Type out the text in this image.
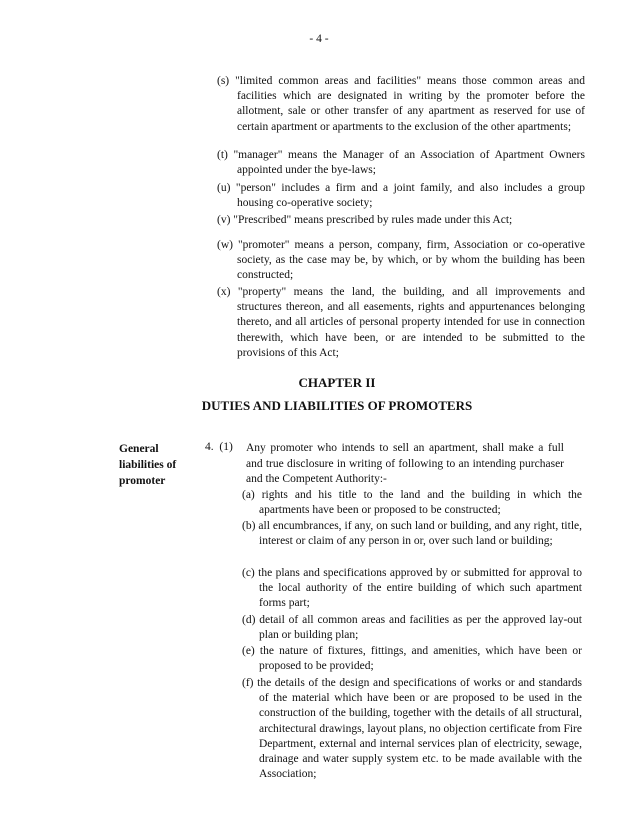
- 4 -

(s) "limited common areas and facilities" means those common areas and facilities which are designated in writing by the promoter before the allotment, sale or other transfer of any apartment as reserved for use of certain apartment or apartments to the exclusion of the other apartments;

(t) "manager" means the Manager of an Association of Apartment Owners appointed under the bye-laws;

(u) "person" includes a firm and a joint family, and also includes a group housing co-operative society;

(v) "Prescribed" means prescribed by rules made under this Act;

(w) "promoter" means a person, company, firm, Association or co-operative society, as the case may be, by which, or by whom the building has been constructed;

(x) "property" means the land, the building, and all improvements and structures thereon, and all easements, rights and appurtenances belonging thereto, and all articles of personal property intended for use in connection therewith, which have been, or are intended to be submitted to the provisions of this Act;

CHAPTER II
DUTIES AND LIABILITIES OF PROMOTERS

General liabilities of promoter

4. (1) Any promoter who intends to sell an apartment, shall make a full and true disclosure in writing of following to an intending purchaser and the Competent Authority:-

(a) rights and his title to the land and the building in which the apartments have been or proposed to be constructed;

(b) all encumbrances, if any, on such land or building, and any right, title, interest or claim of any person in or, over such land or building;

(c) the plans and specifications approved by or submitted for approval to the local authority of the entire building of which such apartment forms part;

(d) detail of all common areas and facilities as per the approved lay-out plan or building plan;

(e) the nature of fixtures, fittings, and amenities, which have been or proposed to be provided;

(f) the details of the design and specifications of works or and standards of the material which have been or are proposed to be used in the construction of the building, together with the details of all structural, architectural drawings, layout plans, no objection certificate from Fire Department, external and internal services plan of electricity, sewage, drainage and water supply system etc. to be made available with the Association;
